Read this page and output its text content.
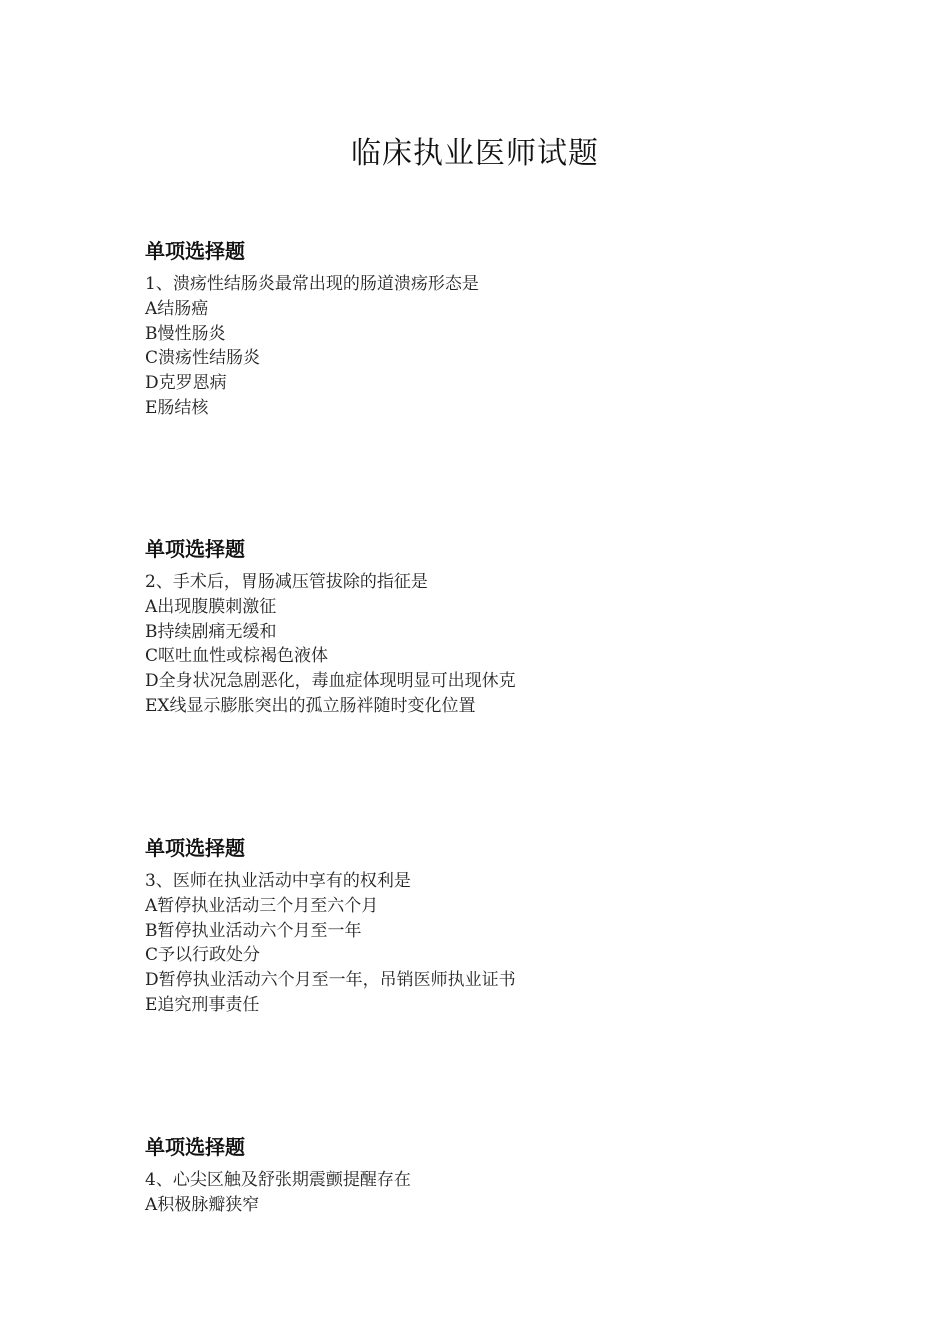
临床执业医师试题
单项选择题
1、溃疡性结肠炎最常出现的肠道溃疡形态是
A结肠癌
B慢性肠炎
C溃疡性结肠炎
D克罗恩病
E肠结核
单项选择题
2、手术后，胃肠减压管拔除的指征是
A出现腹膜刺激征
B持续剧痛无缓和
C呕吐血性或棕褐色液体
D全身状况急剧恶化，毒血症体现明显可出现休克
EX线显示膨胀突出的孤立肠袢随时变化位置
单项选择题
3、医师在执业活动中享有的权利是
A暂停执业活动三个月至六个月
B暂停执业活动六个月至一年
C予以行政处分
D暂停执业活动六个月至一年，吊销医师执业证书
E追究刑事责任
单项选择题
4、心尖区触及舒张期震颤提醒存在
A积极脉瓣狭窄
